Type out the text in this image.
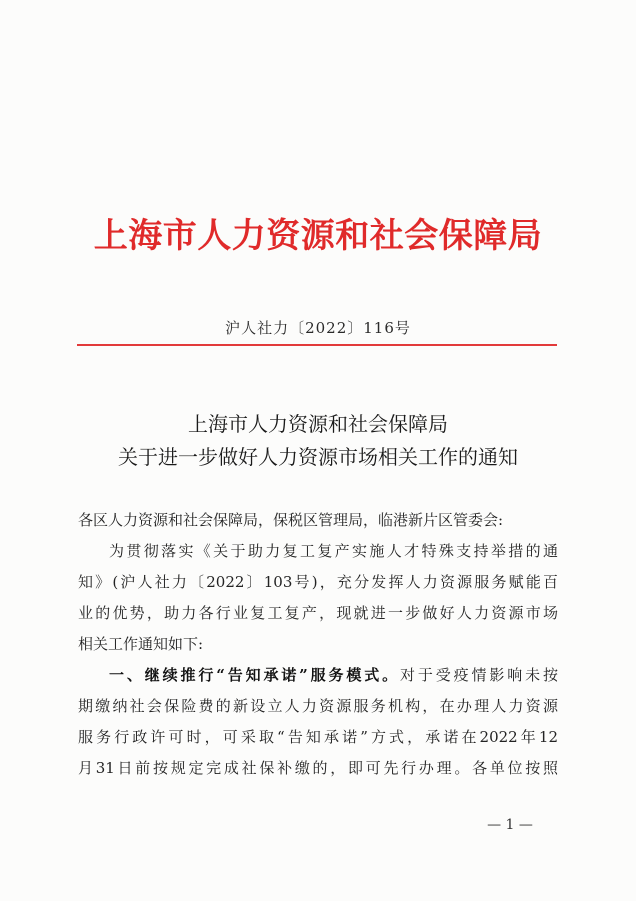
上海市人力资源和社会保障局
沪人社力〔2022〕116号
上海市人力资源和社会保障局
关于进一步做好人力资源市场相关工作的通知
各区人力资源和社会保障局，保税区管理局，临港新片区管委会:
为贯彻落实《关于助力复工复产实施人才特殊支持举措的通
知》(沪人社力〔2022〕103号)，充分发挥人力资源服务赋能百
业的优势，助力各行业复工复产，现就进一步做好人力资源市场
相关工作通知如下:
一、继续推行“告知承诺”服务模式。对于受疫情影响未按
期缴纳社会保险费的新设立人力资源服务机构，在办理人力资源
服务行政许可时，可采取“告知承诺”方式，承诺在2022年12
月31日前按规定完成社保补缴的，即可先行办理。各单位按照
— 1 —
